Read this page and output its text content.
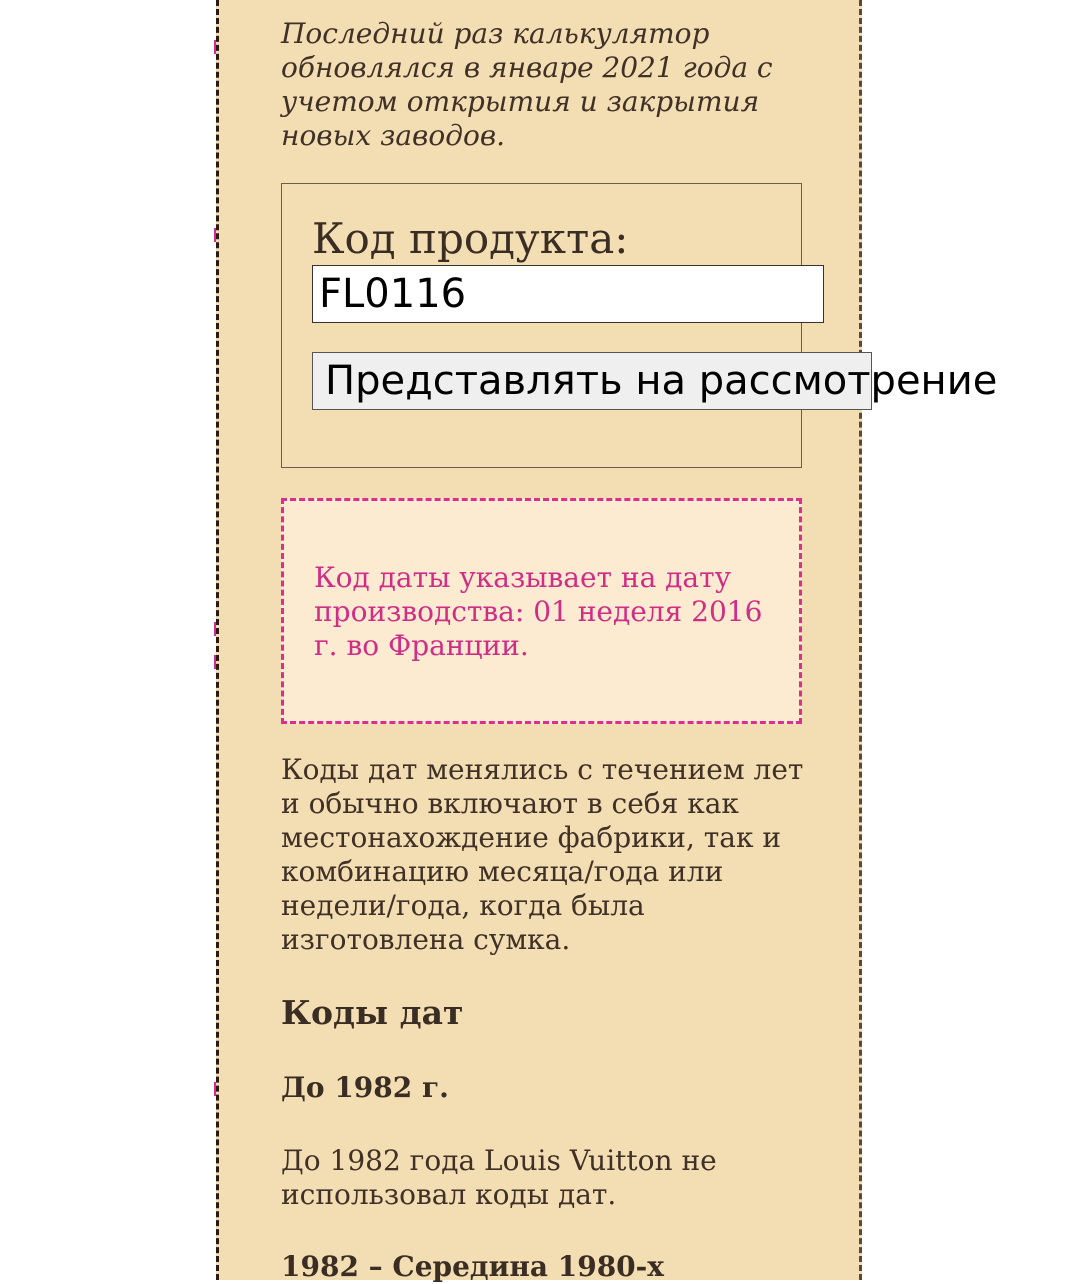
Последний раз калькулятор обновлялся в январе 2021 года с учетом открытия и закрытия новых заводов.

Код продукта:

FL0116
Представлять на рассмотрение

Код даты указывает на дату производства: 01 неделя 2016 г. во Франции.

Коды дат менялись с течением лет и обычно включают в себя как местонахождение фабрики, так и комбинацию месяца/года или недели/года, когда была изготовлена сумка.

Коды дат
До 1982 г.

До 1982 года Louis Vuitton не использовал коды дат.

1982 – Середина 1980-х
